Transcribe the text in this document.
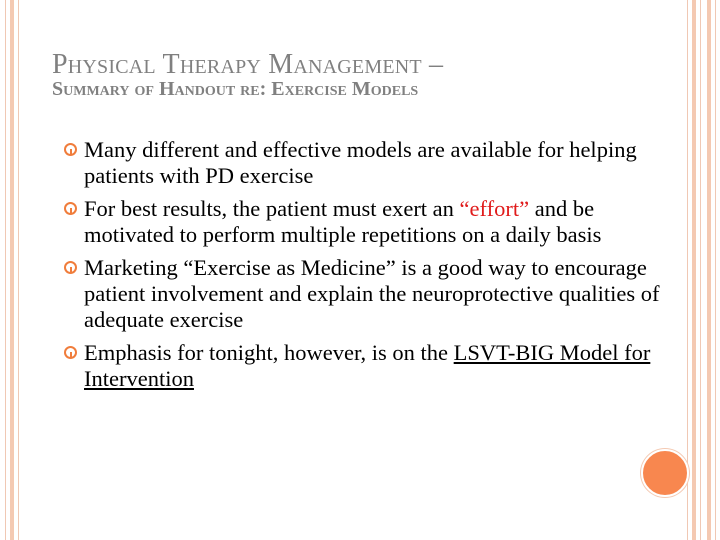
Physical Therapy Management –
Summary of Handout re: Exercise Models
Many different and effective models are available for helping patients with PD exercise
For best results, the patient must exert an “effort” and be motivated to perform multiple repetitions on a daily basis
Marketing “Exercise as Medicine” is a good way to encourage patient involvement and explain the neuroprotective qualities of adequate exercise
Emphasis for tonight, however, is on the LSVT-BIG Model for Intervention
